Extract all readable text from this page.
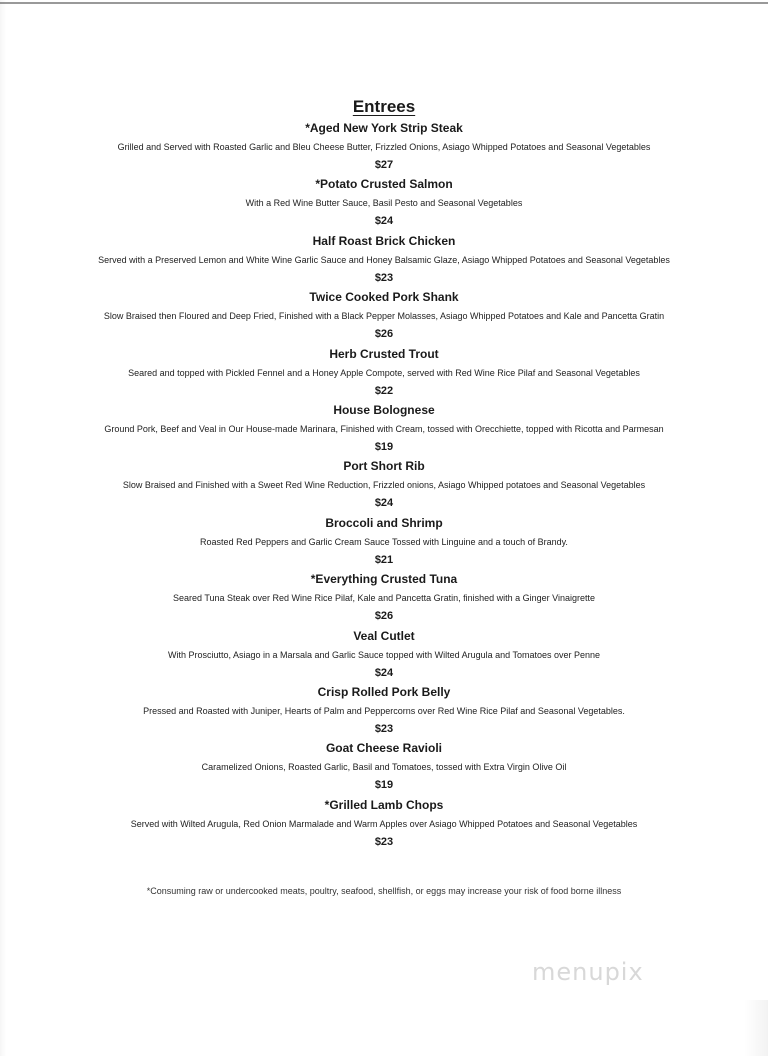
Entrees
*Aged New York Strip Steak
Grilled and Served with Roasted Garlic and Bleu Cheese Butter, Frizzled Onions, Asiago Whipped Potatoes and Seasonal Vegetables
$27
*Potato Crusted Salmon
With a Red Wine Butter Sauce, Basil Pesto and Seasonal Vegetables
$24
Half Roast Brick Chicken
Served with a Preserved Lemon and White Wine Garlic Sauce and Honey Balsamic Glaze, Asiago Whipped Potatoes and Seasonal Vegetables
$23
Twice Cooked Pork Shank
Slow Braised then Floured and Deep Fried, Finished with a Black Pepper Molasses, Asiago Whipped Potatoes and Kale and Pancetta Gratin
$26
Herb Crusted Trout
Seared and topped with Pickled Fennel and a Honey Apple Compote, served with Red Wine Rice Pilaf and Seasonal Vegetables
$22
House Bolognese
Ground Pork, Beef and Veal in Our House-made Marinara, Finished with Cream, tossed with Orecchiette, topped with Ricotta and Parmesan
$19
Port Short Rib
Slow Braised and Finished with a Sweet Red Wine Reduction, Frizzled onions, Asiago Whipped potatoes and Seasonal Vegetables
$24
Broccoli and Shrimp
Roasted Red Peppers and Garlic Cream Sauce Tossed with Linguine and a touch of Brandy.
$21
*Everything Crusted Tuna
Seared Tuna Steak over Red Wine Rice Pilaf, Kale and Pancetta Gratin, finished with a Ginger Vinaigrette
$26
Veal Cutlet
With Prosciutto, Asiago in a Marsala and Garlic Sauce topped with Wilted Arugula and Tomatoes over Penne
$24
Crisp Rolled Pork Belly
Pressed and Roasted with Juniper, Hearts of Palm and Peppercorns over Red Wine Rice Pilaf and Seasonal Vegetables.
$23
Goat Cheese Ravioli
Caramelized Onions, Roasted Garlic, Basil and Tomatoes, tossed with Extra Virgin Olive Oil
$19
*Grilled Lamb Chops
Served with Wilted Arugula, Red Onion Marmalade and Warm Apples over Asiago Whipped Potatoes and Seasonal Vegetables
$23
*Consuming raw or undercooked meats, poultry, seafood, shellfish, or eggs may increase your risk of food borne illness
menupix
